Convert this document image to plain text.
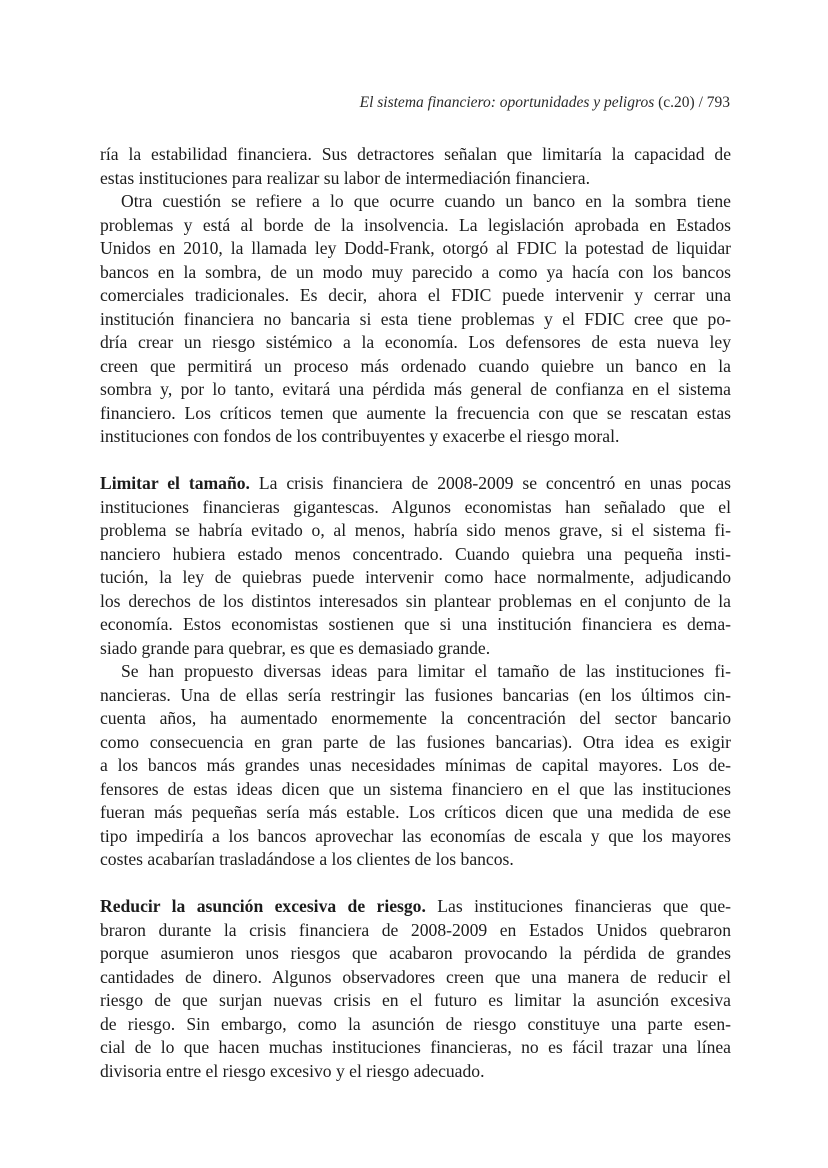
El sistema financiero: oportunidades y peligros (c.20) / 793
ría la estabilidad financiera. Sus detractores señalan que limitaría la capacidad de
estas instituciones para realizar su labor de intermediación financiera.
Otra cuestión se refiere a lo que ocurre cuando un banco en la sombra tiene
problemas y está al borde de la insolvencia. La legislación aprobada en Estados
Unidos en 2010, la llamada ley Dodd-Frank, otorgó al FDIC la potestad de liquidar
bancos en la sombra, de un modo muy parecido a como ya hacía con los bancos
comerciales tradicionales. Es decir, ahora el FDIC puede intervenir y cerrar una
institución financiera no bancaria si esta tiene problemas y el FDIC cree que po-
dría crear un riesgo sistémico a la economía. Los defensores de esta nueva ley
creen que permitirá un proceso más ordenado cuando quiebre un banco en la
sombra y, por lo tanto, evitará una pérdida más general de confianza en el sistema
financiero. Los críticos temen que aumente la frecuencia con que se rescatan estas
instituciones con fondos de los contribuyentes y exacerbe el riesgo moral.
Limitar el tamaño. La crisis financiera de 2008-2009 se concentró en unas pocas
instituciones financieras gigantescas. Algunos economistas han señalado que el
problema se habría evitado o, al menos, habría sido menos grave, si el sistema fi-
nanciero hubiera estado menos concentrado. Cuando quiebra una pequeña insti-
tución, la ley de quiebras puede intervenir como hace normalmente, adjudicando
los derechos de los distintos interesados sin plantear problemas en el conjunto de la
economía. Estos economistas sostienen que si una institución financiera es dema-
siado grande para quebrar, es que es demasiado grande.
Se han propuesto diversas ideas para limitar el tamaño de las instituciones fi-
nancieras. Una de ellas sería restringir las fusiones bancarias (en los últimos cin-
cuenta años, ha aumentado enormemente la concentración del sector bancario
como consecuencia en gran parte de las fusiones bancarias). Otra idea es exigir
a los bancos más grandes unas necesidades mínimas de capital mayores. Los de-
fensores de estas ideas dicen que un sistema financiero en el que las instituciones
fueran más pequeñas sería más estable. Los críticos dicen que una medida de ese
tipo impediría a los bancos aprovechar las economías de escala y que los mayores
costes acabarían trasladándose a los clientes de los bancos.
Reducir la asunción excesiva de riesgo. Las instituciones financieras que que-
braron durante la crisis financiera de 2008-2009 en Estados Unidos quebraron
porque asumieron unos riesgos que acabaron provocando la pérdida de grandes
cantidades de dinero. Algunos observadores creen que una manera de reducir el
riesgo de que surjan nuevas crisis en el futuro es limitar la asunción excesiva
de riesgo. Sin embargo, como la asunción de riesgo constituye una parte esen-
cial de lo que hacen muchas instituciones financieras, no es fácil trazar una línea
divisoria entre el riesgo excesivo y el riesgo adecuado.
